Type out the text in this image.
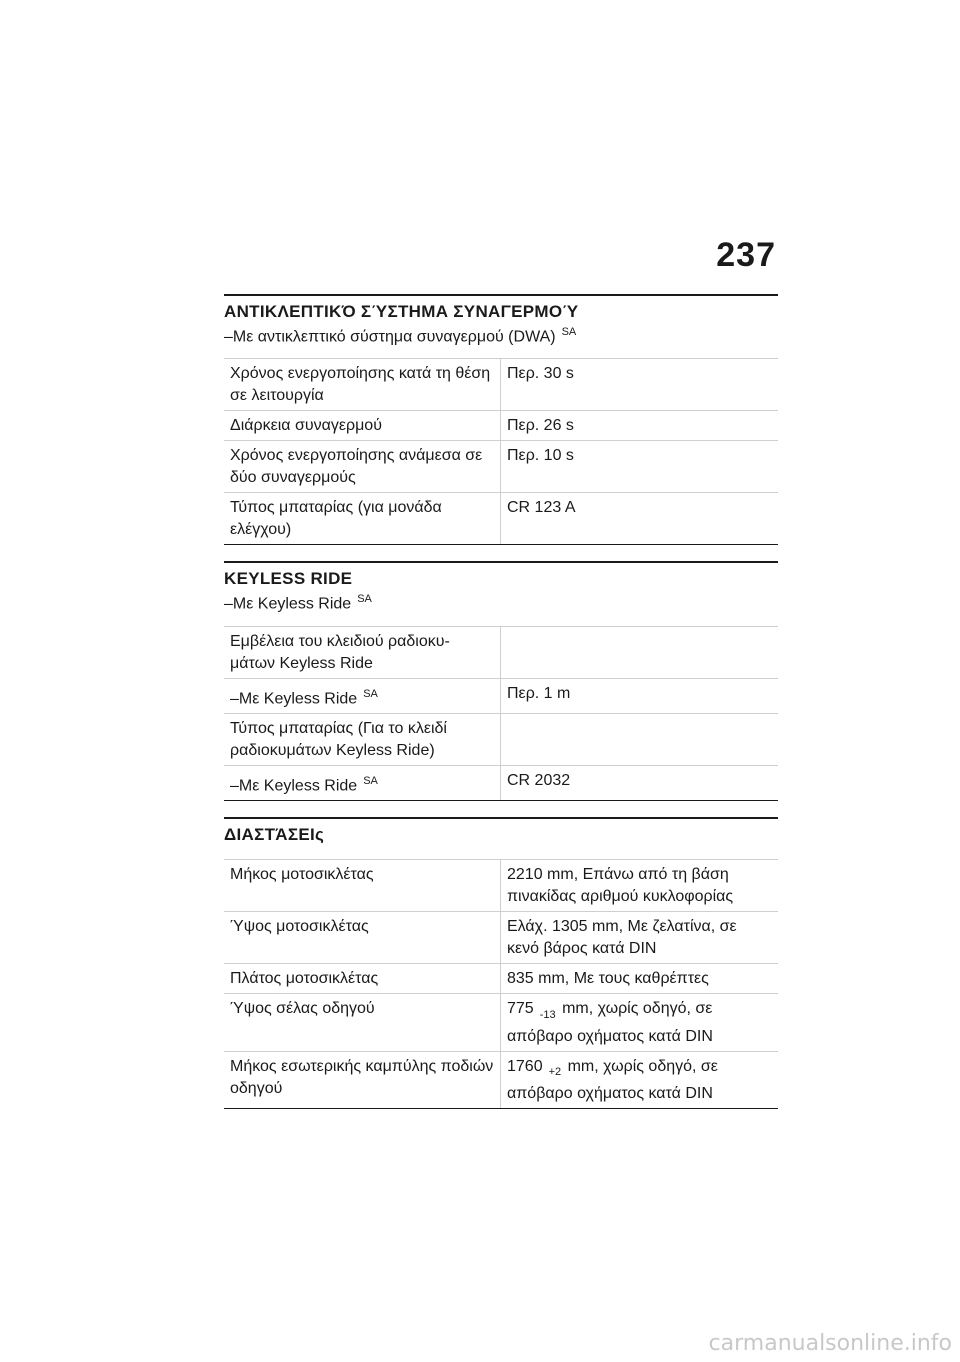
237
ΑΝΤΙΚΛΕΠΤΙΚΌ ΣΎΣΤΗΜΑ ΣΥΝΑΓΕΡΜΟΎ
–Με αντικλεπτικό σύστημα συναγερμού (DWA) $^{SA}$
Χρόνος ενεργοποίησης κατά τη θέση σε λειτουργία	Περ. 30 s
Διάρκεια συναγερμού	Περ. 26 s
Χρόνος ενεργοποίησης ανάμεσα σε δύο συναγερμούς	Περ. 10 s
Τύπος μπαταρίας (για μονάδα ελέγχου)	CR 123 A
KEYLESS RIDE
–Με Keyless Ride $^{SA}$
Εμβέλεια του κλειδιού ραδιοκυ-μάτων Keyless Ride	
–Με Keyless Ride $^{SA}$	Περ. 1 m
Τύπος μπαταρίας (Για το κλειδί ραδιοκυμάτων Keyless Ride)	
–Με Keyless Ride $^{SA}$	CR 2032
ΔΙΑΣΤΆΣΕΙς
Μήκος μοτοσικλέτας	2210 mm, Επάνω από τη βάση πινακίδας αριθμού κυκλοφορίας
Ύψος μοτοσικλέτας	Ελάχ. 1305 mm, Με ζελατίνα, σε κενό βάρος κατά DIN
Πλάτος μοτοσικλέτας	835 mm, Με τους καθρέπτες
Ύψος σέλας οδηγού	775 $_{-13}$ mm, χωρίς οδηγό, σε απόβαρο οχήματος κατά DIN
Μήκος εσωτερικής καμπύλης ποδιών οδηγού	1760 $_{+2}$ mm, χωρίς οδηγό, σε απόβαρο οχήματος κατά DIN
carmanualsonline.info
